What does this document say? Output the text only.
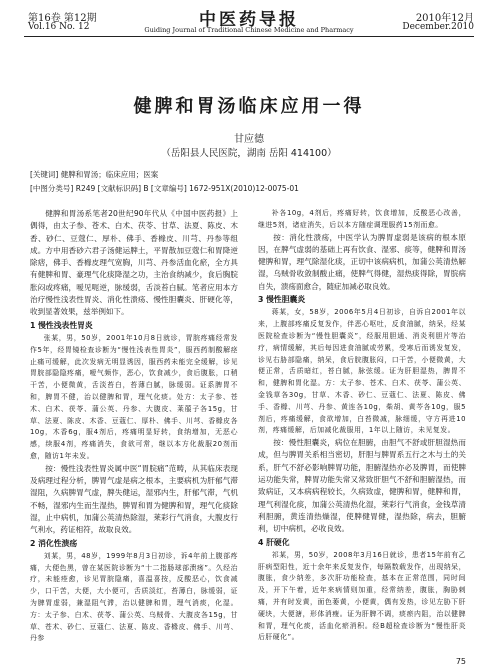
第16卷 第12期
Vol.16 No. 12	中医药导报
Guiding Journal of Traditional Chinese Medicine and Pharmacy
2010年12月
December.2010
健脾和胃汤临床应用一得
甘应德
（岳阳县人民医院，湖南 岳阳 414100）
[关键词] 健脾和胃汤；临床应用；医案
[中图分类号] R249 [文献标识码] B [文章编号] 1672-951X(2010)12-0075-01

健脾和胃汤系笔者20世纪90年代从《中国中医药报》上偶得，由太子参、苍术、白术、茯苓、甘草、法夏、陈皮、木香、砂仁、豆蔻仁、厚朴、佛手、香橼皮、川芎、丹参等组成。方中用香砂六君子汤健运脾土，平胃散加豆蔻仁和胃降逆除痞，佛手、香橼皮理气宽胸，川芎、丹参活血化瘀，全方具有健脾和胃、豪理气化痰降湿之功，主治食纳减少，食后胸脘胀闷或疼痛，嗳见呃逆，脉缓弱，舌淡苔白腻。笔者应用本方治疗慢性浅表性胃炎、消化性溃疡、慢性胆囊炎、肝硬化等，收到显著效果，兹举例如下。

1 慢性浅表性胃炎

张某，男，50岁，2001年10月8日就诊，胃脘疼痛经常发作5年，经胃镜检查诊断为“慢性浅表性胃炎”，服西药制酸解痉止痛可缓解，此次发病无明显诱因，服西药未能完全缓解，诊见胃脘部隐隐疼痛，嗳气频作，恶心，饮食减少，食后腹胀，口稍干苦，小便微黄，舌淡苔白，苔薄白腻，脉缓弱。证系脾胃不和，脾胃不健，治以健脾和胃，理气化痰。处方：太子参、苍术、白术、茯苓、蒲公英、丹参、大腹皮、莱菔子各15g，甘草、法夏、陈皮、木香、豆蔻仁、厚朴、佛手、川芎、香橼皮各10g，木香6g，服4剂后，疼痛明显好转，食纳增加，无恶心感，续服4剂，疼痛消失，食欲可常，继以本方化裁服20剂而愈，随访1年未发。

按：慢性浅表性胃炎属中医“胃脘痛”范畴，从其临床表现及病理过程分析，脾胃气虚是病之根本，主要病机为肝郁气滞湿阻，久病脾胃气虚，脾失健运，湿邪内生，肝郁气滞，气机不畅，湿邪内生而生湿热，脾胃和胃为健脾和胃，理气化痰除湿，止中病机，加蒲公英清热除湿，莱彩行气消食，大腹皮行气利水，药证相符，故取良效。

2 消化性溃疡

刘某，男，48岁，1999年8月3日初诊，诉4年前上腹部疼痛，大便色黑，曾在某医院诊断为“十二指肠球部溃疡”。久经治疗，未能痊愈，诊见胃脘隐痛，喜温喜按，反酸恶心，饮食减少，口干苦，大便，大小便可，舌质淡红，苔薄白，脉缓弱，证为脾胃虚弱，兼湿阻气滞，治以健脾和胃，理气消痰，化湿。方：太子参、白术、茯苓、蒲公英、乌贼骨、大腹皮各15g，甘草、苍术、砂仁、豆蔻仁、法夏、陈皮、香橼皮、佛手、川芎、丹参

补各10g，4剂后，疼痛好转，饮食增加，反酸恶心改善，继进5剂，诸症消失，后以本方随症调理服药15剂而愈。

按：消化性溃疡，中医学认为脾胃虚弱是该病的根本原因，在脾气虚弱的基础上再有饮食、湿邪、痰等，健脾和胃汤健脾和胃，理气除湿化痰，正切中该病病机，加蒲公英清热解湿，乌贼骨收敛制酸止痛，使脾气得健，湿热痰得除，胃脘病自失，溃疡面愈合，随症加减必取良效。

3 慢性胆囊炎

蒋某，女，58岁，2006年5月4日初诊，自诉自2001年以来，上腹部疼痛反复发作，伴恶心呕吐，反食油腻，纳呆，经某医院检查诊断为“慢性胆囊炎”，经服用胆通、消炎利胆片等治疗，病情缓解，其后每因进食油腻或劳累，受寒后而诱发复发，诊见右胁部隐痛，纳呆，食后脘腹胀闷，口干苦，小便微黄，大便正常，舌质暗红，苔白腻，脉弦缓。证为肝胆湿热，脾胃不和，健脾和胃化湿。方：太子参、苍术、白术、茯苓、蒲公英、金钱草各30g，甘草、木香、砂仁、豆蔻仁、法夏、陈皮、佛手、香橼、川芎、丹参、黄连各10g，柴胡、黄芩各10g，服5剂后，疼痛缓解，食欲增加，白苔微减，脉细缓，守方再进10剂，疼痛缓解，后加减化裁服用，1年以上随访，未见复发。

按：慢性胆囊炎，病位在胆腑，由胆气不舒或肝胆湿热而成，但与脾胃关系相当密切，肝胆与脾胃系五行之木与土的关系，肝气不舒必影响脾胃功能，胆腑湿热亦必及脾胃，而使脾运功能失常，脾胃功能失常又常致肝胆气不舒和胆腑湿热，而致病证，又本病病程较长，久病致虚，健脾和胃，健脾和胃，理气利湿化痰，加蒲公英清热化湿，莱彩行气消食，金钱草清利胆腑，黄连清热燥湿，使脾健胃健，湿热除，病去，胆腑利，切中病机，必收良效。

4 肝硬化

祁某，男，50岁，2008年3月16日就诊，患者15年前有乙肝病型阳性，近十余年来反复发作，每隔数载发作，出现纳呆，腹胀，食少纳差，多次肝功能检查，基本在正常范围，同时间及，开下午着，近年来病情则加重，经常纳差，腹胀，胸胁刺痛，并有时发黄，面色萎黄，小便黄，偶有发热，诊见左胁下肝硬块，大便溏，形体消瘦。证为肝脾不调，痰瘀内阻，治以健脾和胃，理气化痰，活血化瘀消积。经B超检查诊断为“慢性肝炎后肝硬化”。

75
